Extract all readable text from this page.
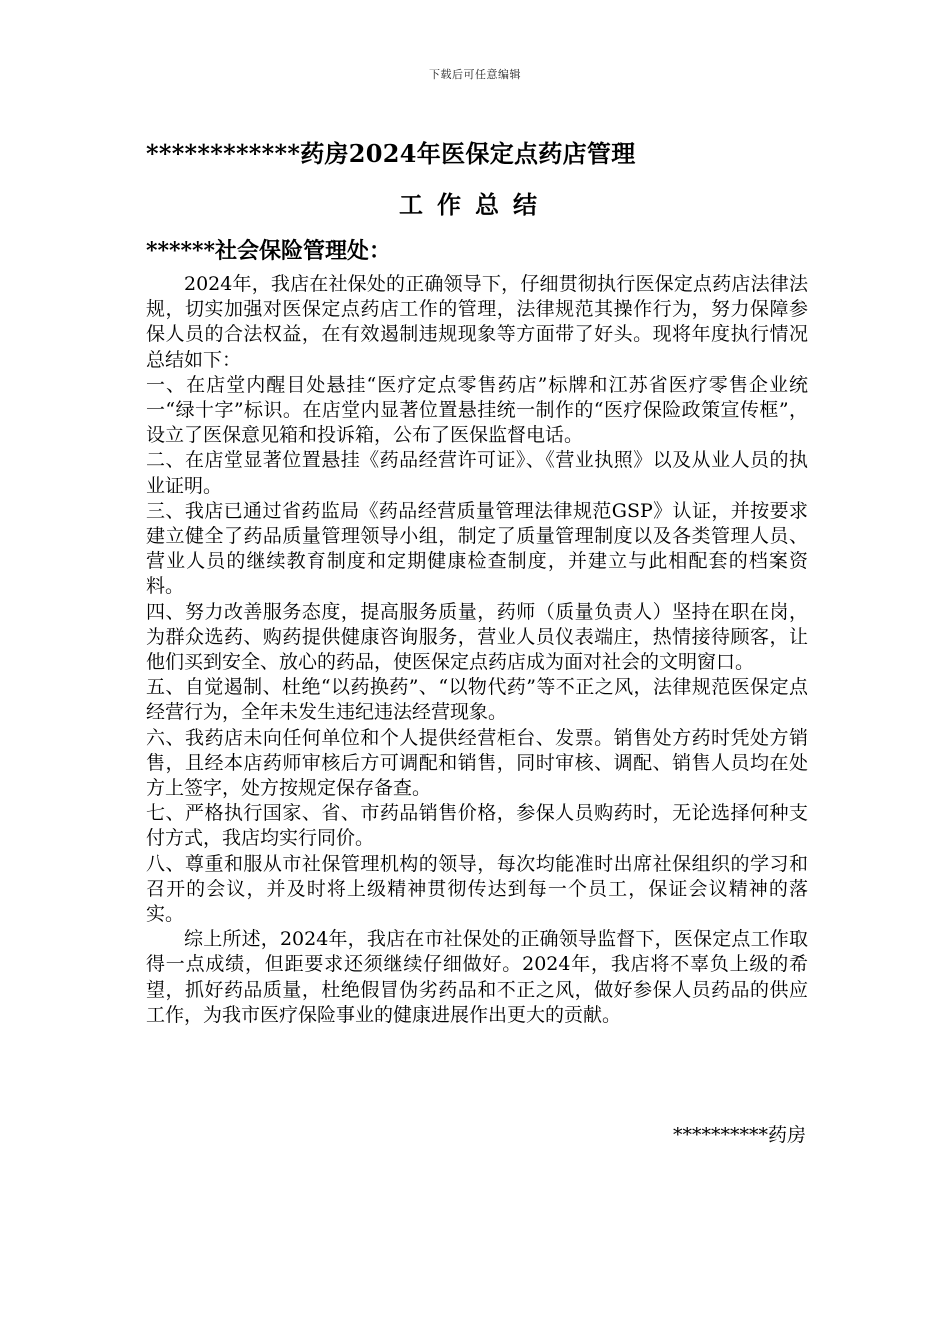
下载后可任意编辑
************药房2024年医保定点药店管理
工作总结
******社会保险管理处：

2024年，我店在社保处的正确领导下，仔细贯彻执行医保定点药店法律法规，切实加强对医保定点药店工作的管理，法律规范其操作行为，努力保障参保人员的合法权益，在有效遏制违规现象等方面带了好头。现将年度执行情况总结如下：

一、在店堂内醒目处悬挂“医疗定点零售药店”标牌和江苏省医疗零售企业统一“绿十字”标识。在店堂内显著位置悬挂统一制作的“医疗保险政策宣传框”，设立了医保意见箱和投诉箱，公布了医保监督电话。

二、在店堂显著位置悬挂《药品经营许可证》、《营业执照》以及从业人员的执业证明。

三、我店已通过省药监局《药品经营质量管理法律规范GSP》认证，并按要求建立健全了药品质量管理领导小组，制定了质量管理制度以及各类管理人员、营业人员的继续教育制度和定期健康检查制度，并建立与此相配套的档案资料。

四、努力改善服务态度，提高服务质量，药师（质量负责人）坚持在职在岗，为群众选药、购药提供健康咨询服务，营业人员仪表端庄，热情接待顾客，让他们买到安全、放心的药品，使医保定点药店成为面对社会的文明窗口。

五、自觉遏制、杜绝“以药换药”、“以物代药”等不正之风，法律规范医保定点经营行为，全年未发生违纪违法经营现象。

六、我药店未向任何单位和个人提供经营柜台、发票。销售处方药时凭处方销售，且经本店药师审核后方可调配和销售，同时审核、调配、销售人员均在处方上签字，处方按规定保存备查。

七、严格执行国家、省、市药品销售价格，参保人员购药时，无论选择何种支付方式，我店均实行同价。

八、尊重和服从市社保管理机构的领导，每次均能准时出席社保组织的学习和召开的会议，并及时将上级精神贯彻传达到每一个员工，保证会议精神的落实。

综上所述，2024年，我店在市社保处的正确领导监督下，医保定点工作取得一点成绩，但距要求还须继续仔细做好。2024年，我店将不辜负上级的希望，抓好药品质量，杜绝假冒伪劣药品和不正之风，做好参保人员药品的供应工作，为我市医疗保险事业的健康进展作出更大的贡献。

**********药房
